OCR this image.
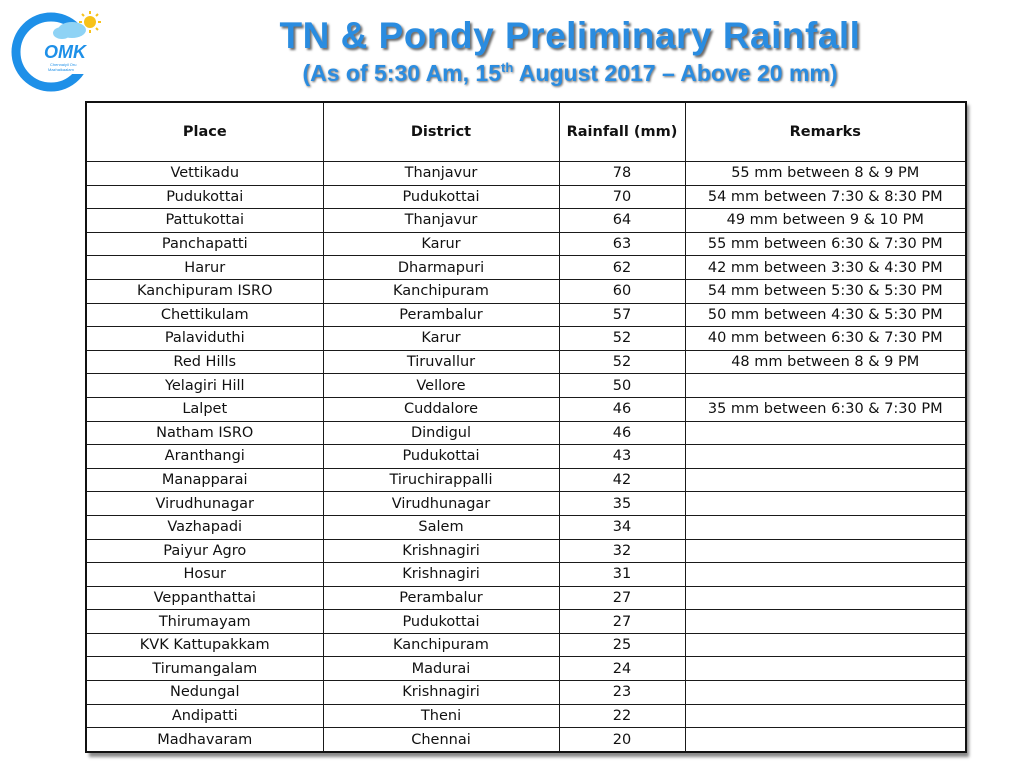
OMK
Chennaiyil Oru
Mazhaikaalam
TN & Pondy Preliminary Rainfall
(As of 5:30 Am, 15th August 2017 – Above 20 mm)
Place	District	Rainfall (mm)	Remarks
Vettikadu	Thanjavur	78	55 mm between 8 & 9 PM
Pudukottai	Pudukottai	70	54 mm between 7:30 & 8:30 PM
Pattukottai	Thanjavur	64	49 mm between 9 & 10 PM
Panchapatti	Karur	63	55 mm between 6:30 & 7:30 PM
Harur	Dharmapuri	62	42 mm between 3:30 & 4:30 PM
Kanchipuram ISRO	Kanchipuram	60	54 mm between 5:30 & 5:30 PM
Chettikulam	Perambalur	57	50 mm between 4:30 & 5:30 PM
Palaviduthi	Karur	52	40 mm between 6:30 & 7:30 PM
Red Hills	Tiruvallur	52	48 mm between 8 & 9 PM
Yelagiri Hill	Vellore	50	
Lalpet	Cuddalore	46	35 mm between 6:30 & 7:30 PM
Natham ISRO	Dindigul	46	
Aranthangi	Pudukottai	43	
Manapparai	Tiruchirappalli	42	
Virudhunagar	Virudhunagar	35	
Vazhapadi	Salem	34	
Paiyur Agro	Krishnagiri	32	
Hosur	Krishnagiri	31	
Veppanthattai	Perambalur	27	
Thirumayam	Pudukottai	27	
KVK Kattupakkam	Kanchipuram	25	
Tirumangalam	Madurai	24	
Nedungal	Krishnagiri	23	
Andipatti	Theni	22	
Madhavaram	Chennai	20	
